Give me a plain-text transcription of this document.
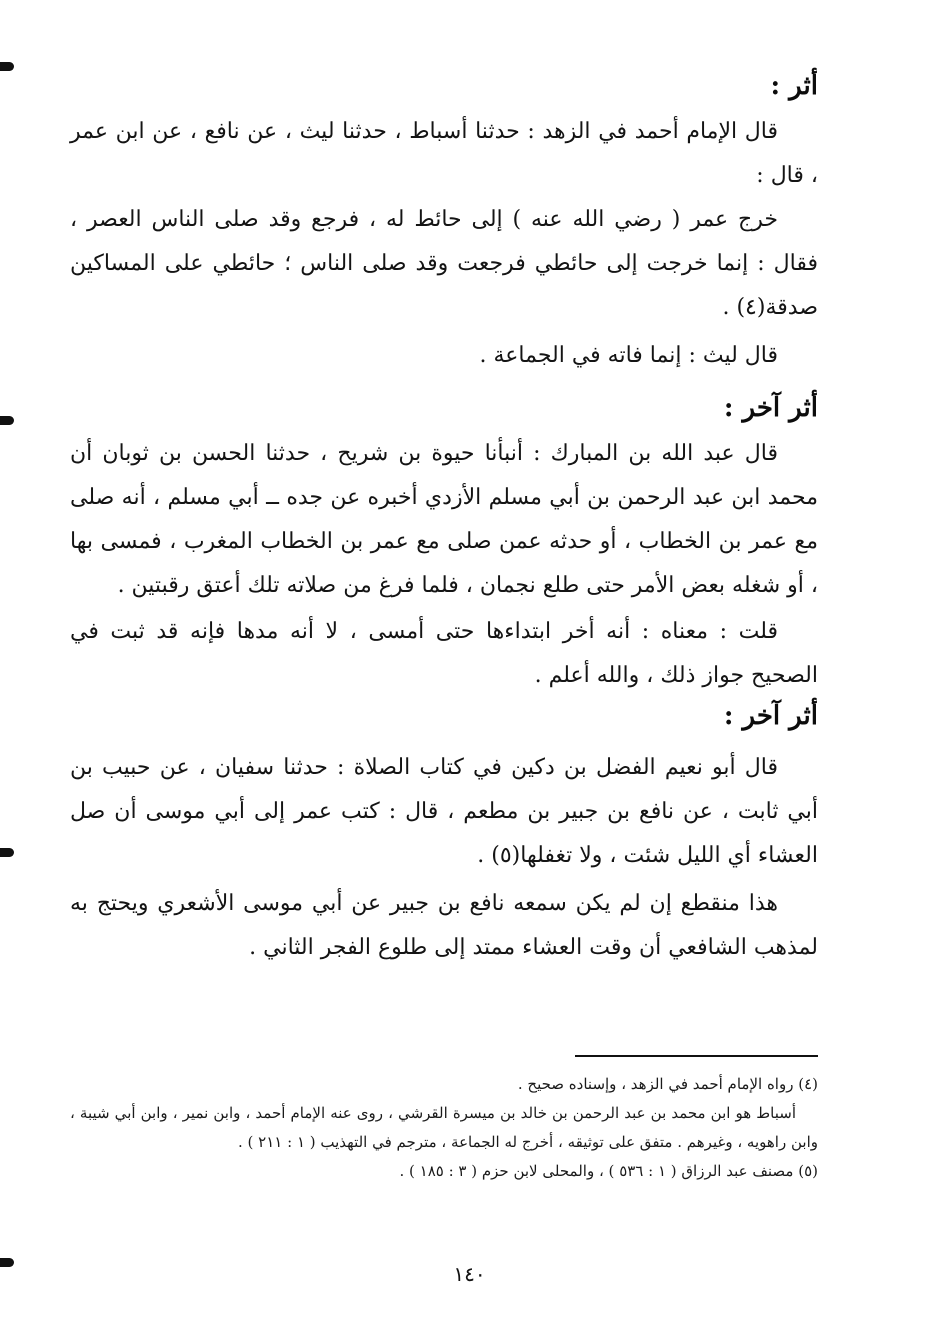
أثر :

قال الإمام أحمد في الزهد : حدثنا أسباط ، حدثنا ليث ، عن نافع ، عن ابن عمر ، قال :

خرج عمر ( رضي الله عنه ) إلى حائط له ، فرجع وقد صلى الناس العصر ، فقال : إنما خرجت إلى حائطي فرجعت وقد صلى الناس ؛ حائطي على المساكين صدقة(٤) .

قال ليث : إنما فاته في الجماعة .

أثر آخر :

قال عبد الله بن المبارك : أنبأنا حيوة بن شريح ، حدثنا الحسن بن ثوبان أن محمد ابن عبد الرحمن بن أبي مسلم الأزدي أخبره عن جده ــ أبي مسلم ، أنه صلى مع عمر بن الخطاب ، أو حدثه عمن صلى مع عمر بن الخطاب المغرب ، فمسى بها ، أو شغله بعض الأمر حتى طلع نجمان ، فلما فرغ من صلاته تلك أعتق رقبتين .

قلت : معناه : أنه أخر ابتداءها حتى أمسى ، لا أنه مدها فإنه قد ثبت في الصحيح جواز ذلك ، والله أعلم .

أثر آخر :

قال أبو نعيم الفضل بن دكين في كتاب الصلاة : حدثنا سفيان ، عن حبيب بن أبي ثابت ، عن نافع بن جبير بن مطعم ، قال : كتب عمر إلى أبي موسى أن صل العشاء أي الليل شئت ، ولا تغفلها(٥) .

هذا منقطع إن لم يكن سمعه نافع بن جبير عن أبي موسى الأشعري ويحتج به لمذهب الشافعي أن وقت العشاء ممتد إلى طلوع الفجر الثاني .

(٤) رواه الإمام أحمد في الزهد ، وإسناده صحيح .

أسباط هو ابن محمد بن عبد الرحمن بن خالد بن ميسرة القرشي ، روى عنه الإمام أحمد ، وابن نمير ، وابن أبي شيبة ، وابن راهويه ، وغيرهم . متفق على توثيقه ، أخرج له الجماعة ، مترجم في التهذيب ( ١ : ٢١١ ) .

(٥) مصنف عبد الرزاق ( ١ : ٥٣٦ ) ، والمحلى لابن حزم ( ٣ : ١٨٥ ) .

١٤٠
